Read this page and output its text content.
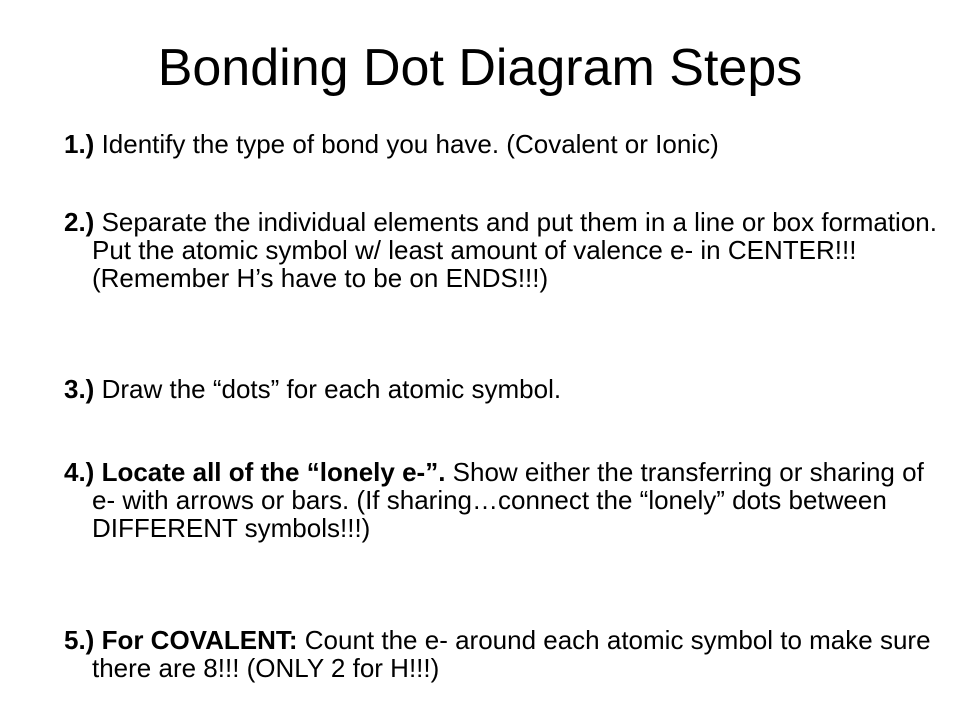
Bonding Dot Diagram Steps

1.) Identify the type of bond you have. (Covalent or Ionic)

2.) Separate the individual elements and put them in a line or box formation. Put the atomic symbol w/ least amount of valence e- in CENTER!!! (Remember H’s have to be on ENDS!!!)

3.) Draw the “dots” for each atomic symbol.

4.) Locate all of the “lonely e-”. Show either the transferring or sharing of e- with arrows or bars. (If sharing…connect the “lonely” dots between DIFFERENT symbols!!!)

5.) For COVALENT: Count the e- around each atomic symbol to make sure there are 8!!! (ONLY 2 for H!!!)
